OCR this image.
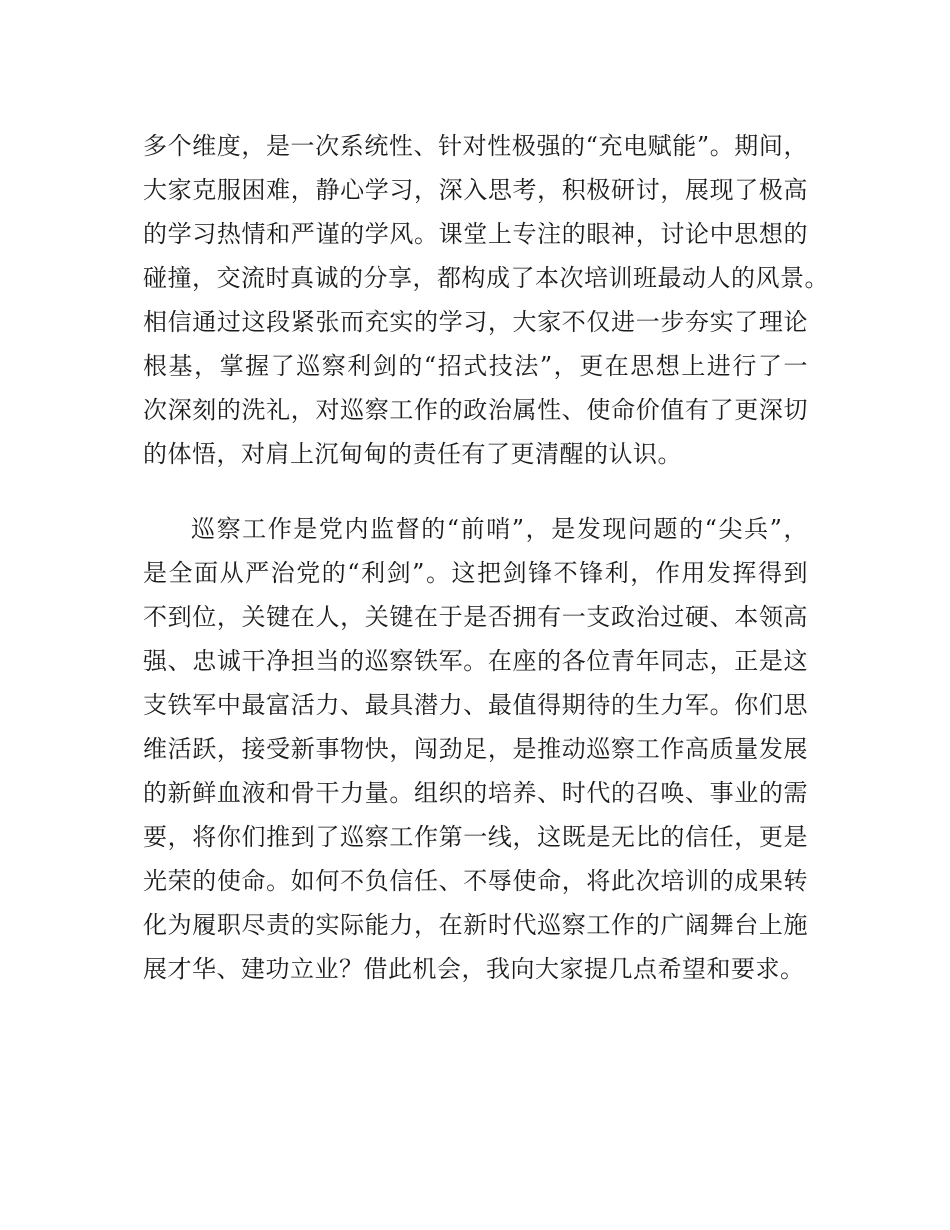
多个维度，是一次系统性、针对性极强的“充电赋能”。期间，
大家克服困难，静心学习，深入思考，积极研讨，展现了极高
的学习热情和严谨的学风。课堂上专注的眼神，讨论中思想的
碰撞，交流时真诚的分享，都构成了本次培训班最动人的风景。
相信通过这段紧张而充实的学习，大家不仅进一步夯实了理论
根基，掌握了巡察利剑的“招式技法”，更在思想上进行了一
次深刻的洗礼，对巡察工作的政治属性、使命价值有了更深切
的体悟，对肩上沉甸甸的责任有了更清醒的认识。
巡察工作是党内监督的“前哨”，是发现问题的“尖兵”，
是全面从严治党的“利剑”。这把剑锋不锋利，作用发挥得到
不到位，关键在人，关键在于是否拥有一支政治过硬、本领高
强、忠诚干净担当的巡察铁军。在座的各位青年同志，正是这
支铁军中最富活力、最具潜力、最值得期待的生力军。你们思
维活跃，接受新事物快，闯劲足，是推动巡察工作高质量发展
的新鲜血液和骨干力量。组织的培养、时代的召唤、事业的需
要，将你们推到了巡察工作第一线，这既是无比的信任，更是
光荣的使命。如何不负信任、不辱使命，将此次培训的成果转
化为履职尽责的实际能力，在新时代巡察工作的广阔舞台上施
展才华、建功立业？借此机会，我向大家提几点希望和要求。
